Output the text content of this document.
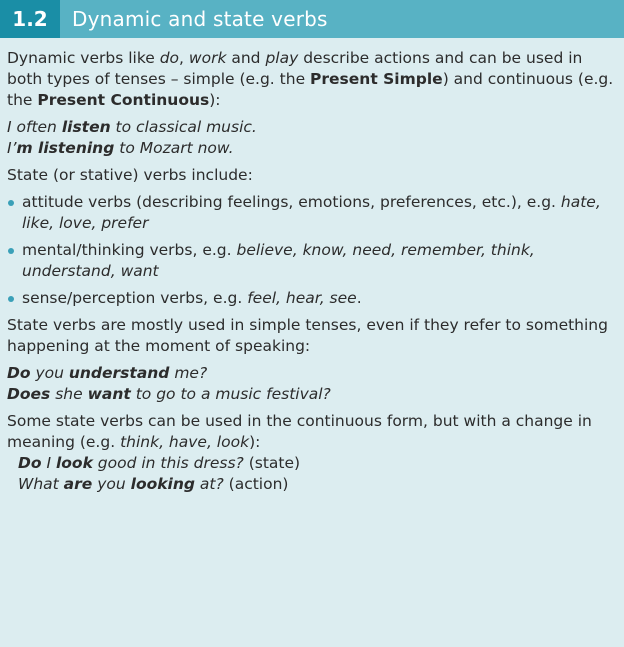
1.2	Dynamic and state verbs

Dynamic verbs like do, work and play describe actions and can be used in both types of tenses – simple (e.g. the Present Simple) and continuous (e.g. the Present Continuous):

I often listen to classical music.

I’m listening to Mozart now.

State (or stative) verbs include:

attitude verbs (describing feelings, emotions, preferences, etc.), e.g. hate, like, love, prefer
mental/thinking verbs, e.g. believe, know, need, remember, think, understand, want
sense/perception verbs, e.g. feel, hear, see.

State verbs are mostly used in simple tenses, even if they refer to something happening at the moment of speaking:

Do you understand me?

Does she want to go to a music festival?

Some state verbs can be used in the continuous form, but with a change in meaning (e.g. think, have, look):

Do I look good in this dress? (state)

What are you looking at? (action)
